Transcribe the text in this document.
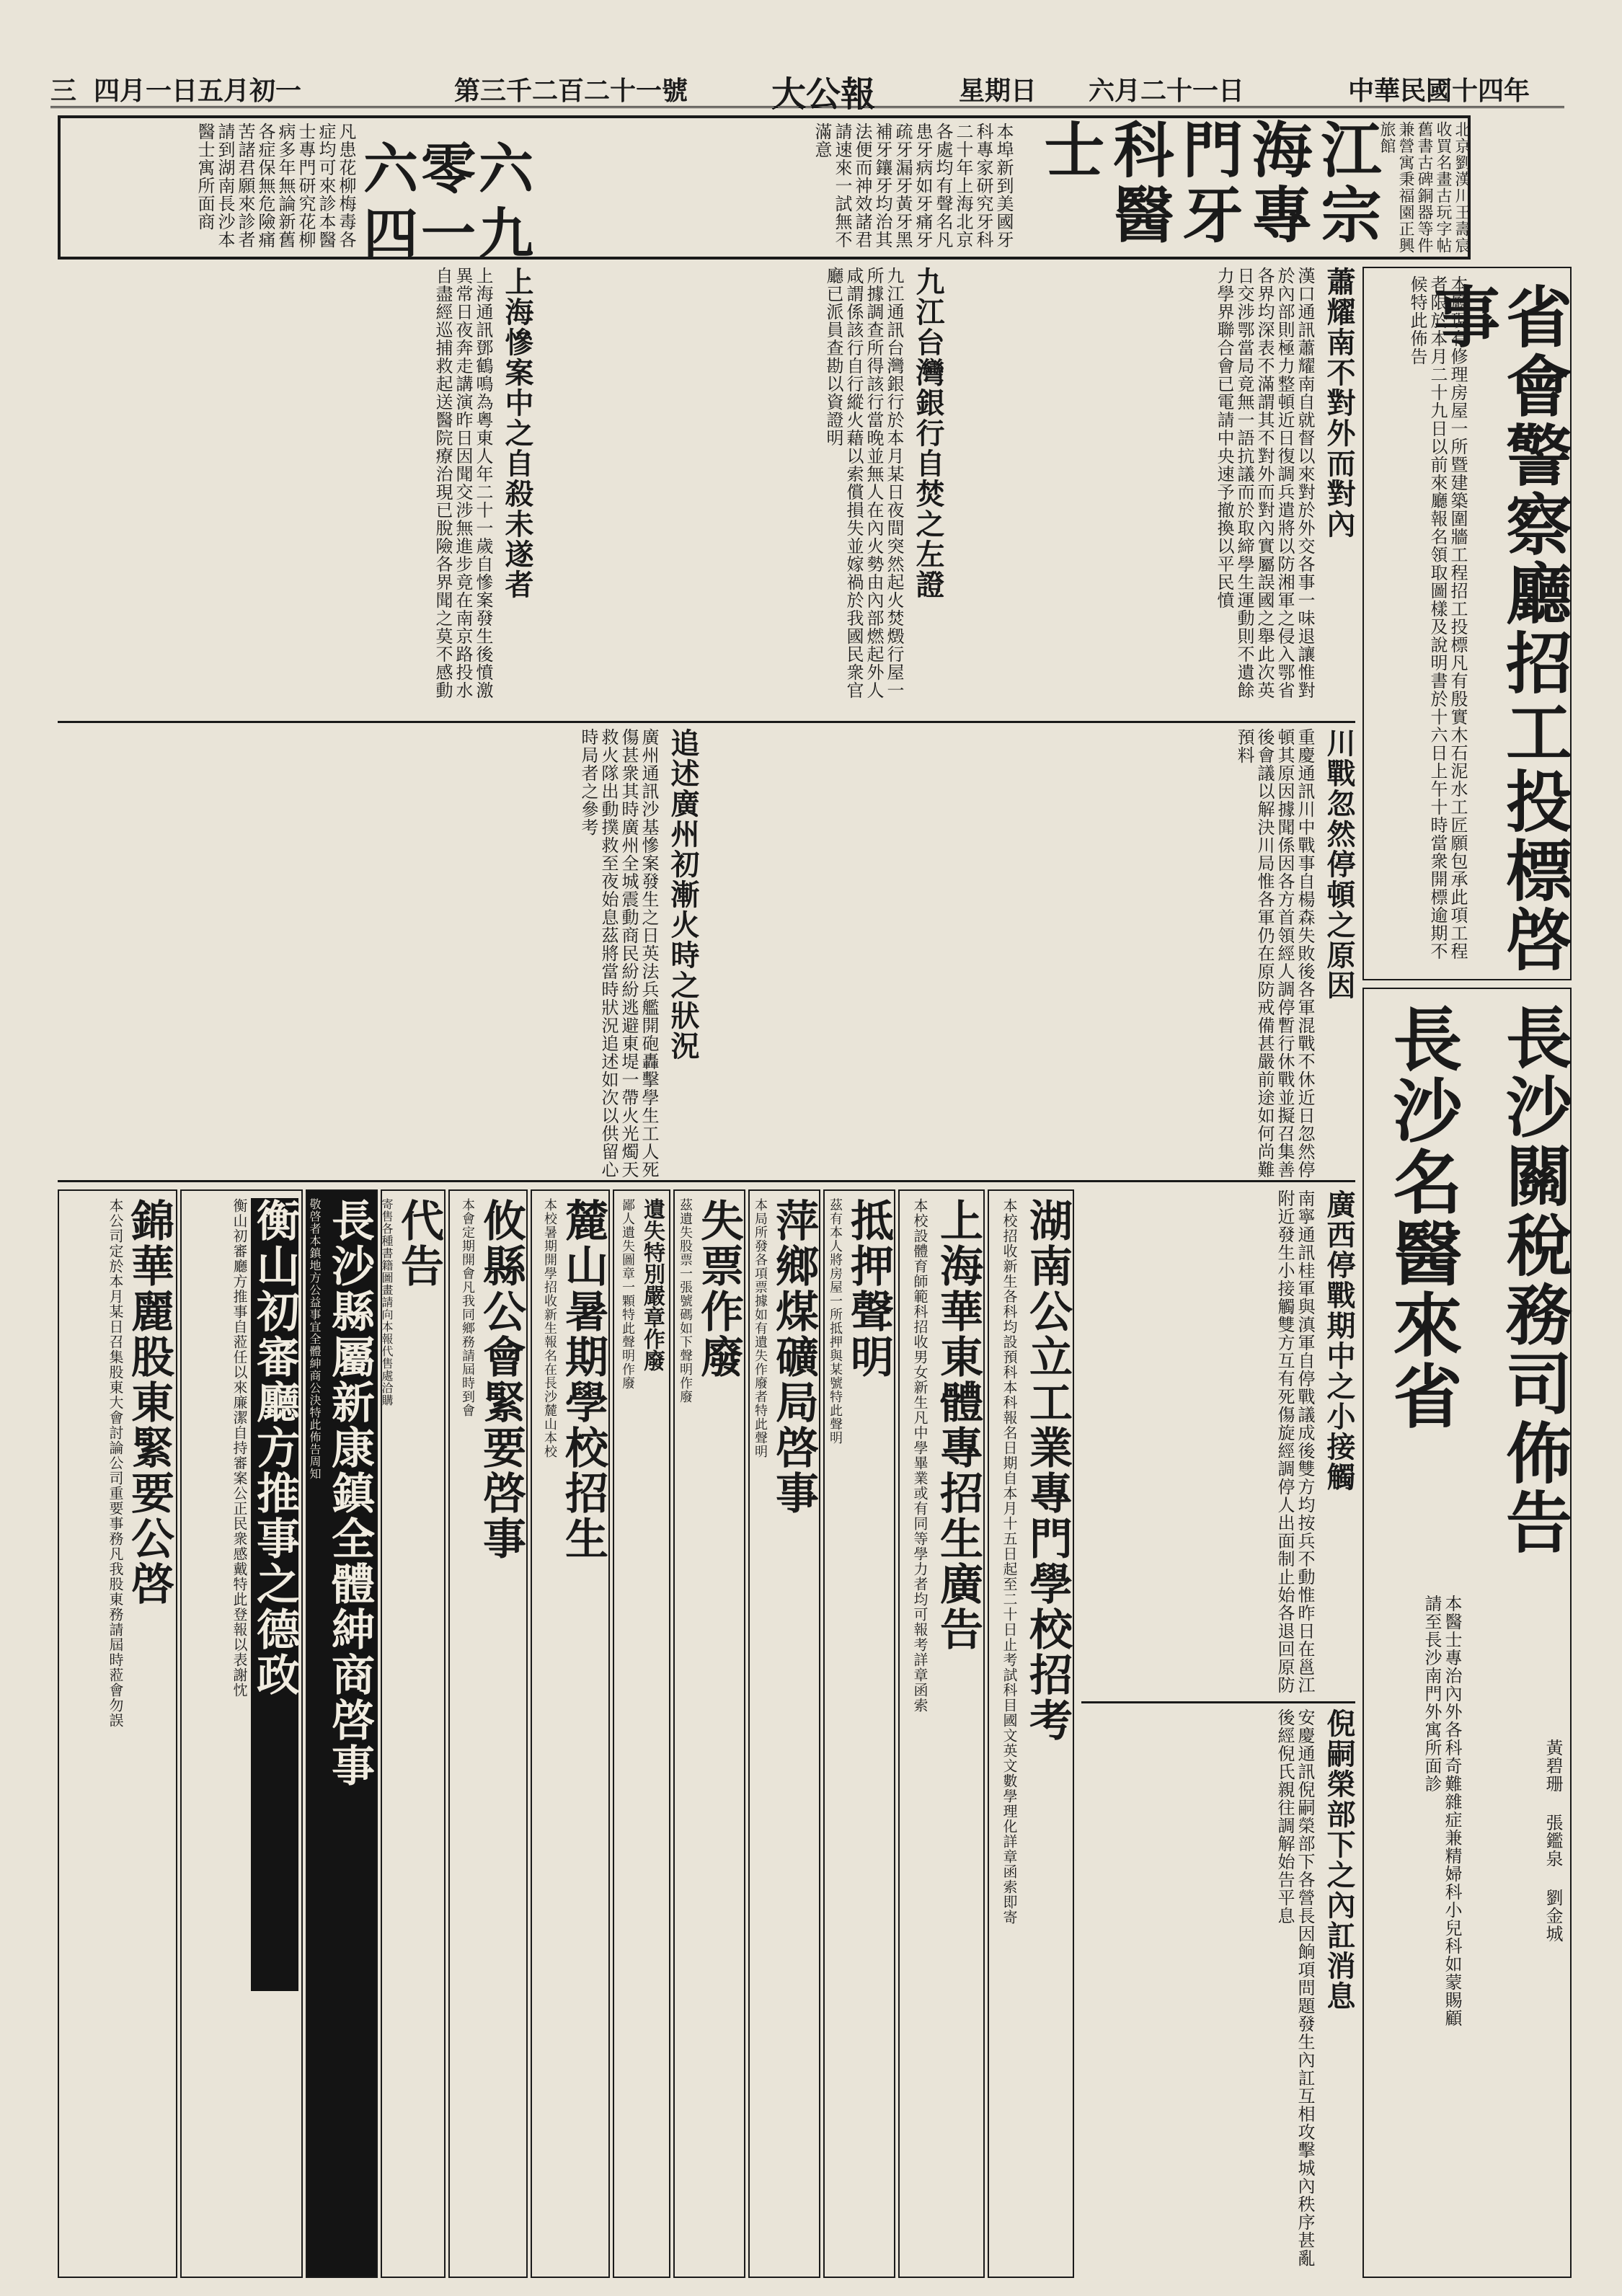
三 四月一日五月初一	第三千二百二十一號 大公報	星期日 六月二十一日	中華民國十四年
北京劉漢川王壽宸收買名畫古玩字帖舊書古碑銅器等件兼營寓秉福園正興旅館
江宗海專門牙科醫士
本埠新到美國牙科專家研究牙科二十年上海北京各處均有聲名凡患牙病如牙痛牙疏牙漏牙黃牙黑補牙鑲牙均治其法便而神效諸君請速來一試無不滿意
六零六
四一九
凡患花柳梅毒各症均可來診本醫士專門研究花柳病多年無論新舊各症保無危險痛苦諸君願來診者請到湖南長沙本醫士寓所面商
省會警察廳招工投標啓事
本廳現有修理房屋一所暨建築圍牆工程招工投標凡有殷實木石泥水工匠願包承此項工程者限於本月二十九日以前來廳報名領取圖樣及說明書於十六日上午十時當衆開標逾期不候特此佈告
蕭耀南不對外而對內
漢口通訊蕭耀南自就督以來對於外交各事一味退讓惟對於內部則極力整頓近日復調兵遣將以防湘軍之侵入鄂省各界均深表不滿謂其不對外而對內實屬誤國之舉此次英日交涉鄂當局竟無一語抗議而於取締學生運動則不遺餘力學界聯合會已電請中央速予撤換以平民憤
九江台灣銀行自焚之左證
九江通訊台灣銀行於本月某日夜間突然起火焚燬行屋一所據調查所得該行當晚並無人在內火勢由內部燃起外人咸謂係該行自行縱火藉以索償損失並嫁禍於我國民衆官廳已派員查勘以資證明
上海慘案中之自殺未遂者
上海通訊鄧鶴鳴為粵東人年二十一歲自慘案發生後憤激異常日夜奔走講演昨日因聞交涉無進步竟在南京路投水自盡經巡捕救起送醫院療治現已脫險各界聞之莫不感動
川戰忽然停頓之原因
重慶通訊川中戰事自楊森失敗後各軍混戰不休近日忽然停頓其原因據聞係因各方首領經人調停暫行休戰並擬召集善後會議以解決川局惟各軍仍在原防戒備甚嚴前途如何尚難預料
追述廣州初漸火時之狀況
廣州通訊沙基慘案發生之日英法兵艦開砲轟擊學生工人死傷甚衆其時廣州全城震動商民紛紛逃避東堤一帶火光燭天救火隊出動撲救至夜始息茲將當時狀況追述如次以供留心時局者之參考
長沙關稅務司佈告
長沙名醫來省
本醫士專治內外各科奇難雜症兼精婦科小兒科如蒙賜顧請至長沙南門外寓所面診
黃碧珊 張鑑泉 劉金城
廣西停戰期中之小接觸
南寧通訊桂軍與滇軍自停戰議成後雙方均按兵不動惟昨日在邕江附近發生小接觸雙方互有死傷旋經調停人出面制止始各退回原防
倪嗣榮部下之內訌消息
安慶通訊倪嗣榮部下各營長因餉項問題發生內訌互相攻擊城內秩序甚亂後經倪氏親往調解始告平息
湖南公立工業專門學校招考
本校招收新生各科均設預科本科報名日期自本月十五日起至二十日止考試科目國文英文數學理化詳章函索即寄
上海華東體專招生廣告
本校設體育師範科招收男女新生凡中學畢業或有同等學力者均可報考詳章函索
抵押聲明
茲有本人將房屋一所抵押與某號特此聲明
萍鄉煤礦局啓事
本局所發各項票據如有遺失作廢者特此聲明
失票作廢
茲遺失股票一張號碼如下聲明作廢
遺失特別嚴章作廢
鄙人遺失圖章一顆特此聲明作廢
麓山暑期學校招生
本校暑期開學招收新生報名在長沙麓山本校
攸縣公會緊要啓事
本會定期開會凡我同鄉務請屆時到會
代告
寄售各種書籍圖畫請向本報代售處洽購
長沙縣屬新康鎮全體紳商啓事
敬啓者本鎮地方公益事宜全體紳商公決特此佈告周知
衡山初審廳方推事之德政
衡山初審廳方推事自蒞任以來廉潔自持審案公正民衆感戴特此登報以表謝忱
錦華麗股東緊要公啓
本公司定於本月某日召集股東大會討論公司重要事務凡我股東務請屆時蒞會勿誤
